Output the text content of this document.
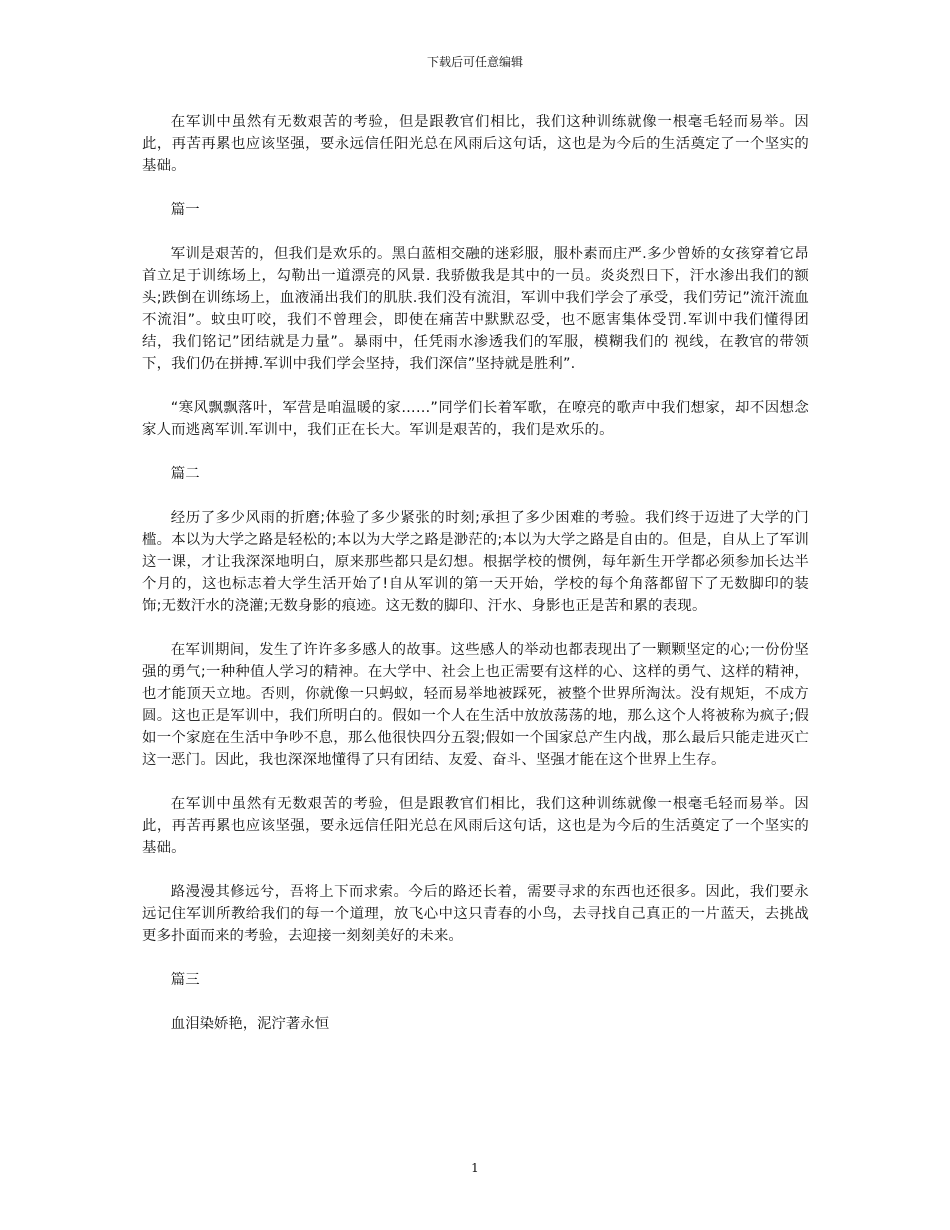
下载后可任意编辑

在军训中虽然有无数艰苦的考验，但是跟教官们相比，我们这种训练就像一根毫毛轻而易举。因此，再苦再累也应该坚强，要永远信任阳光总在风雨后这句话，这也是为今后的生活奠定了一个坚实的基础。

篇一

军训是艰苦的，但我们是欢乐的。黑白蓝相交融的迷彩服，服朴素而庄严.多少曾娇的女孩穿着它昂首立足于训练场上，勾勒出一道漂亮的风景. 我骄傲我是其中的一员。炎炎烈日下，汗水渗出我们的额头;跌倒在训练场上，血液涌出我们的肌肤.我们没有流泪，军训中我们学会了承受，我们劳记”流汗流血不流泪”。蚊虫叮咬，我们不曾理会，即使在痛苦中默默忍受，也不愿害集体受罚.军训中我们懂得团结，我们铭记”团结就是力量”。暴雨中，任凭雨水渗透我们的军服，模糊我们的 视线，在教官的带领下，我们仍在拼搏.军训中我们学会坚持，我们深信”坚持就是胜利”.

“寒风飘飘落叶，军营是咱温暖的家……”同学们长着军歌，在嘹亮的歌声中我们想家，却不因想念家人而逃离军训.军训中，我们正在长大。军训是艰苦的，我们是欢乐的。

篇二

经历了多少风雨的折磨;体验了多少紧张的时刻;承担了多少困难的考验。我们终于迈进了大学的门槛。本以为大学之路是轻松的;本以为大学之路是渺茫的;本以为大学之路是自由的。但是，自从上了军训这一课，才让我深深地明白，原来那些都只是幻想。根据学校的惯例，每年新生开学都必须参加长达半个月的，这也标志着大学生活开始了!自从军训的第一天开始，学校的每个角落都留下了无数脚印的装饰;无数汗水的浇灌;无数身影的痕迹。这无数的脚印、汗水、身影也正是苦和累的表现。

在军训期间，发生了许许多多感人的故事。这些感人的举动也都表现出了一颗颗坚定的心;一份份坚强的勇气;一种种值人学习的精神。在大学中、社会上也正需要有这样的心、这样的勇气、这样的精神，也才能顶天立地。否则，你就像一只蚂蚁，轻而易举地被踩死，被整个世界所淘汰。没有规矩，不成方圆。这也正是军训中，我们所明白的。假如一个人在生活中放放荡荡的地，那么这个人将被称为疯子;假如一个家庭在生活中争吵不息，那么他很快四分五裂;假如一个国家总产生内战，那么最后只能走进灭亡这一恶门。因此，我也深深地懂得了只有团结、友爱、奋斗、坚强才能在这个世界上生存。

在军训中虽然有无数艰苦的考验，但是跟教官们相比，我们这种训练就像一根毫毛轻而易举。因此，再苦再累也应该坚强，要永远信任阳光总在风雨后这句话，这也是为今后的生活奠定了一个坚实的基础。

路漫漫其修远兮，吾将上下而求索。今后的路还长着，需要寻求的东西也还很多。因此，我们要永远记住军训所教给我们的每一个道理，放飞心中这只青春的小鸟，去寻找自己真正的一片蓝天，去挑战更多扑面而来的考验，去迎接一刻刻美好的未来。

篇三

血泪染娇艳，泥泞著永恒

1
